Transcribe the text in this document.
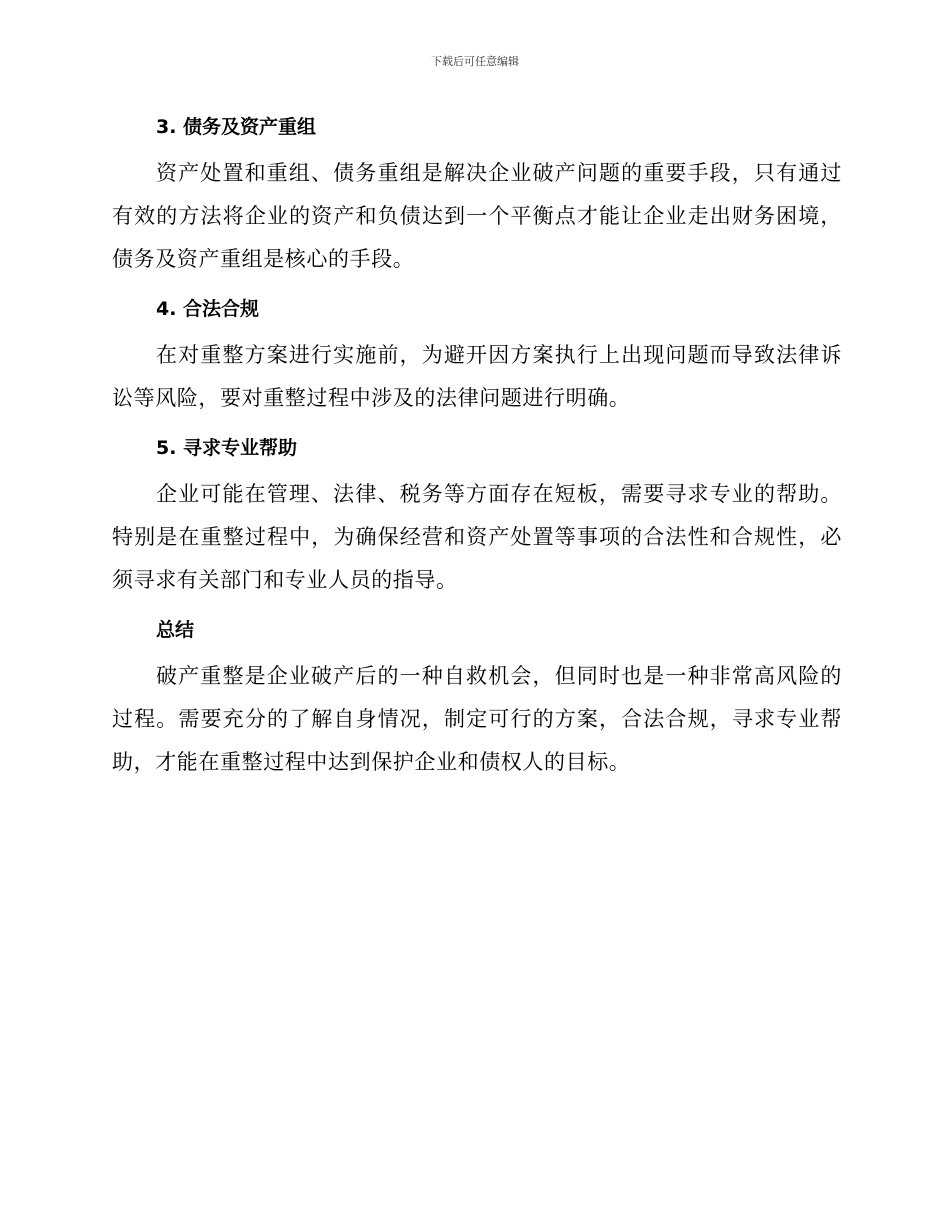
下载后可任意编辑
3. 债务及资产重组

资产处置和重组、债务重组是解决企业破产问题的重要手段，只有通过有效的方法将企业的资产和负债达到一个平衡点才能让企业走出财务困境，债务及资产重组是核心的手段。

4. 合法合规

在对重整方案进行实施前，为避开因方案执行上出现问题而导致法律诉讼等风险，要对重整过程中涉及的法律问题进行明确。

5. 寻求专业帮助

企业可能在管理、法律、税务等方面存在短板，需要寻求专业的帮助。特别是在重整过程中，为确保经营和资产处置等事项的合法性和合规性，必须寻求有关部门和专业人员的指导。

总结

破产重整是企业破产后的一种自救机会，但同时也是一种非常高风险的过程。需要充分的了解自身情况，制定可行的方案，合法合规，寻求专业帮助，才能在重整过程中达到保护企业和债权人的目标。
